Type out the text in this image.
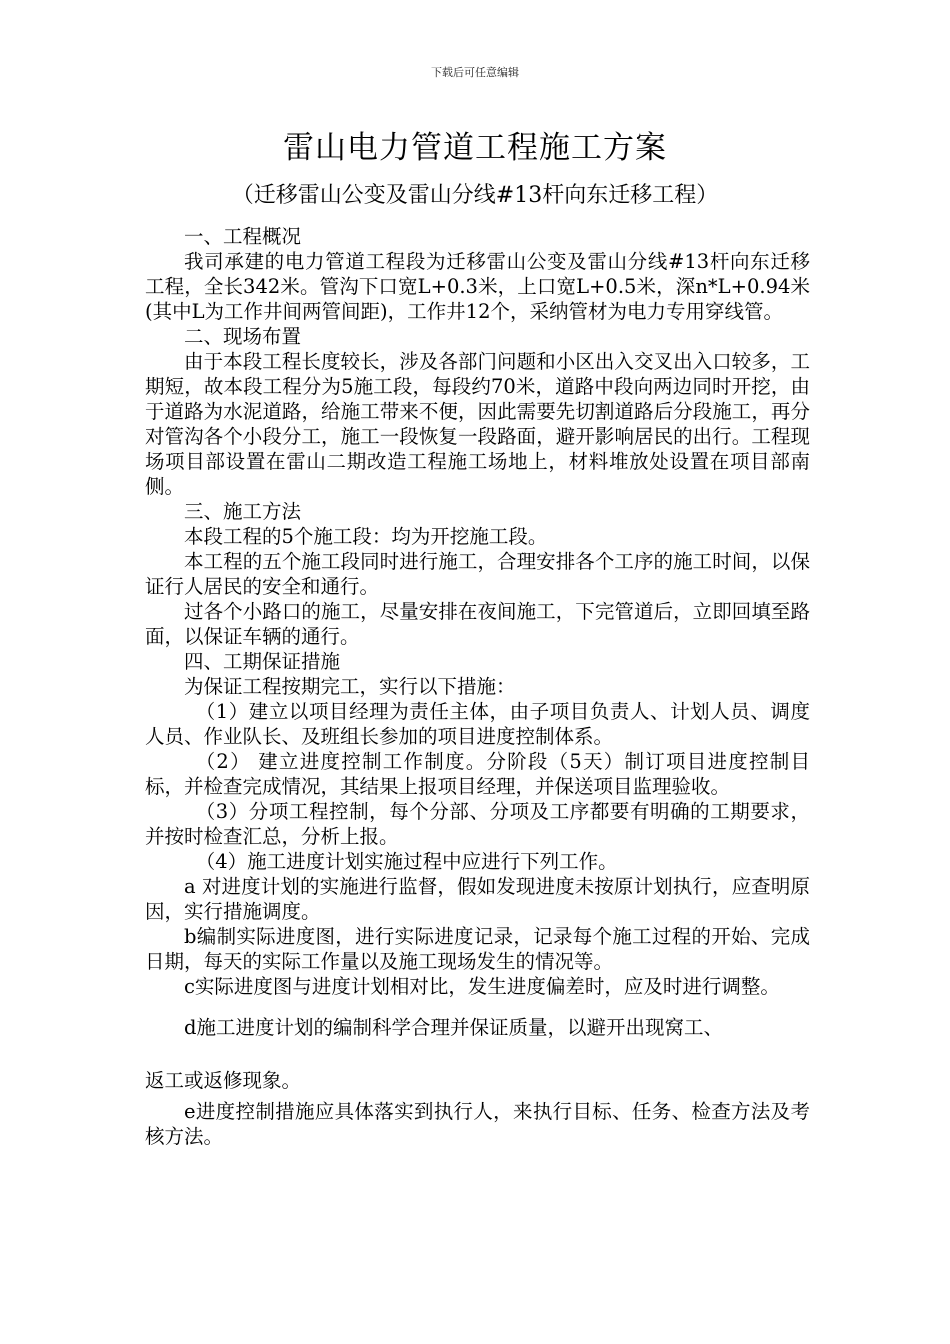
下载后可任意编辑
雷山电力管道工程施工方案
（迁移雷山公变及雷山分线#13杆向东迁移工程）

一、工程概况

我司承建的电力管道工程段为迁移雷山公变及雷山分线#13杆向东迁移工程，全长342米。管沟下口宽L+0.3米，上口宽L+0.5米，深n*L+0.94米(其中L为工作井间两管间距)，工作井12个，采纳管材为电力专用穿线管。

二、现场布置

由于本段工程长度较长，涉及各部门问题和小区出入交叉出入口较多，工期短，故本段工程分为5施工段，每段约70米，道路中段向两边同时开挖，由于道路为水泥道路，给施工带来不便，因此需要先切割道路后分段施工，再分对管沟各个小段分工，施工一段恢复一段路面，避开影响居民的出行。工程现场项目部设置在雷山二期改造工程施工场地上，材料堆放处设置在项目部南侧。

三、施工方法

本段工程的5个施工段：均为开挖施工段。

本工程的五个施工段同时进行施工，合理安排各个工序的施工时间，以保证行人居民的安全和通行。

过各个小路口的施工，尽量安排在夜间施工，下完管道后，立即回填至路面，以保证车辆的通行。

四、工期保证措施

为保证工程按期完工，实行以下措施：

（1）建立以项目经理为责任主体，由子项目负责人、计划人员、调度人员、作业队长、及班组长参加的项目进度控制体系。

（2） 建立进度控制工作制度。分阶段（5天）制订项目进度控制目标，并检查完成情况，其结果上报项目经理，并保送项目监理验收。

（3）分项工程控制，每个分部、分项及工序都要有明确的工期要求，并按时检查汇总，分析上报。

（4）施工进度计划实施过程中应进行下列工作。

a 对进度计划的实施进行监督，假如发现进度未按原计划执行，应查明原因，实行措施调度。

b编制实际进度图，进行实际进度记录，记录每个施工过程的开始、完成日期，每天的实际工作量以及施工现场发生的情况等。

c实际进度图与进度计划相对比，发生进度偏差时，应及时进行调整。

d施工进度计划的编制科学合理并保证质量，以避开出现窝工、

返工或返修现象。

e进度控制措施应具体落实到执行人，来执行目标、任务、检查方法及考核方法。
